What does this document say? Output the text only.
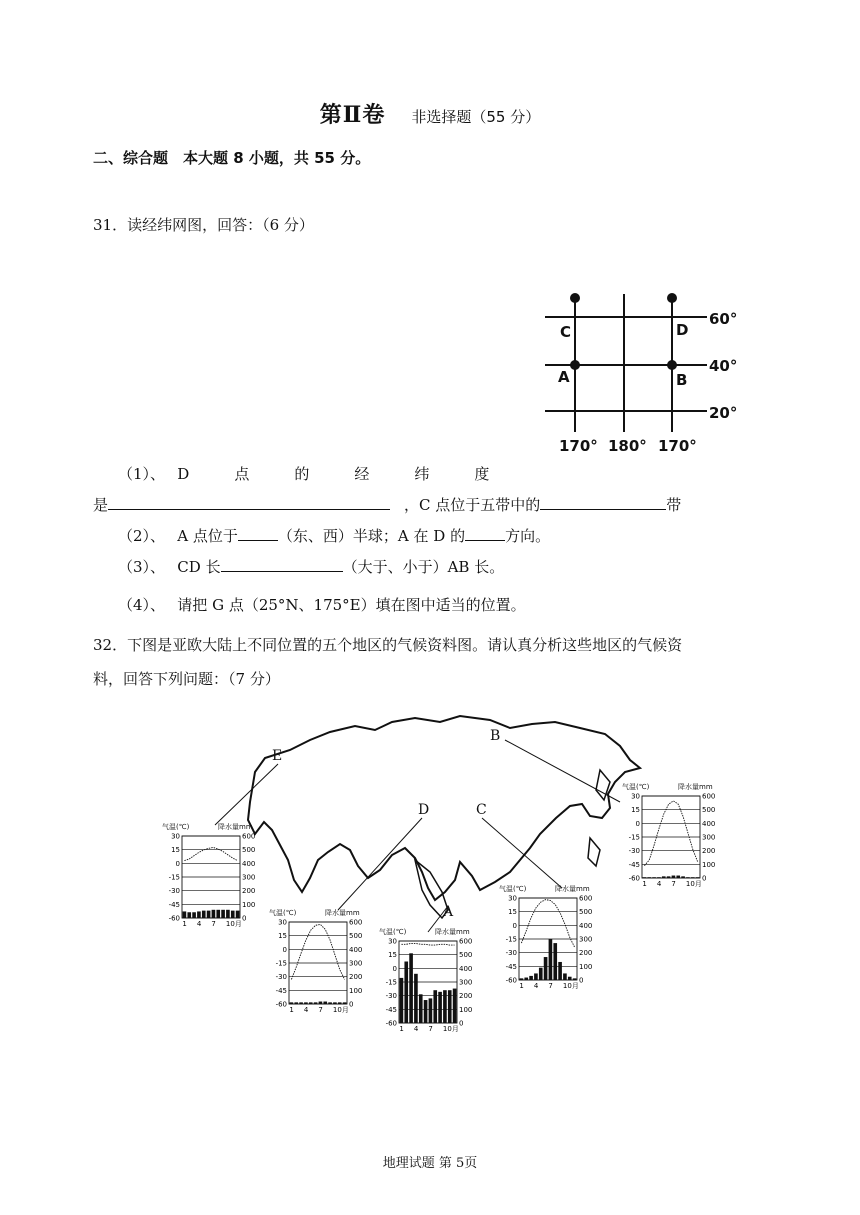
第Ⅱ卷 非选择题（55 分）
二、综合题　本大题 8 小题，共 55 分。
31．读经纬网图，回答：（6 分）
C	D
A	B
60°
40°
20°
170° 180° 170°
（1）、　 D　　　点　　　的　　　经　　　纬　　　度
是	，C 点位于五带中的	带
（2）、　 A 点位于	（东、西）半球；A 在 D 的	方向。
（3）、　 CD 长	（大于、小于）AB 长。
（4）、　 请把 G 点（25°N、175°E）填在图中适当的位置。
32．下图是亚欧大陆上不同位置的五个地区的气候资料图。请认真分析这些地区的气候资
料，回答下列问题：（7 分）
E
D	C
B
A
气温(℃)	降水量mm
30	600
15	500
0	400
-15	300
-30	200
-45	100
-60	0
1 4 7 10月
气温(℃)	降水量mm
30	600
15	500
0	400
-15	300
-30	200
-45	100
-60	0
1 4 7 10月
气温(℃)	降水量mm
30	600
15	500
0	400
-15	300
-30	200
-45	100
-60	0
1 4 7 10月
气温(℃)	降水量mm
30	600
15	500
0	400
-15	300
-30	200
-45	100
-60	0
1 4 7 10月
气温(℃)	降水量mm
30	600
15	500
0	400
-15	300
-30	200
-45	100
-60	0
1 4 7 10月
地理试题 第 5页
